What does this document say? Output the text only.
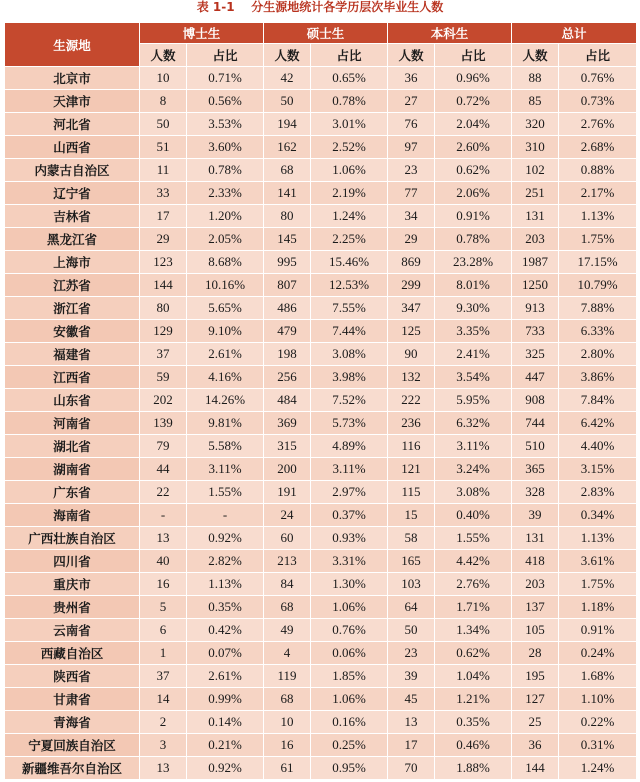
表 1-1    分生源地统计各学历层次毕业生人数
生源地	博士生		硕士生		本科生		总计	
	人数	占比	人数	占比	人数	占比	人数	占比
北京市	10	0.71%	42	0.65%	36	0.96%	88	0.76%
天津市	8	0.56%	50	0.78%	27	0.72%	85	0.73%
河北省	50	3.53%	194	3.01%	76	2.04%	320	2.76%
山西省	51	3.60%	162	2.52%	97	2.60%	310	2.68%
内蒙古自治区	11	0.78%	68	1.06%	23	0.62%	102	0.88%
辽宁省	33	2.33%	141	2.19%	77	2.06%	251	2.17%
吉林省	17	1.20%	80	1.24%	34	0.91%	131	1.13%
黑龙江省	29	2.05%	145	2.25%	29	0.78%	203	1.75%
上海市	123	8.68%	995	15.46%	869	23.28%	1987	17.15%
江苏省	144	10.16%	807	12.53%	299	8.01%	1250	10.79%
浙江省	80	5.65%	486	7.55%	347	9.30%	913	7.88%
安徽省	129	9.10%	479	7.44%	125	3.35%	733	6.33%
福建省	37	2.61%	198	3.08%	90	2.41%	325	2.80%
江西省	59	4.16%	256	3.98%	132	3.54%	447	3.86%
山东省	202	14.26%	484	7.52%	222	5.95%	908	7.84%
河南省	139	9.81%	369	5.73%	236	6.32%	744	6.42%
湖北省	79	5.58%	315	4.89%	116	3.11%	510	4.40%
湖南省	44	3.11%	200	3.11%	121	3.24%	365	3.15%
广东省	22	1.55%	191	2.97%	115	3.08%	328	2.83%
海南省	-	-	24	0.37%	15	0.40%	39	0.34%
广西壮族自治区	13	0.92%	60	0.93%	58	1.55%	131	1.13%
四川省	40	2.82%	213	3.31%	165	4.42%	418	3.61%
重庆市	16	1.13%	84	1.30%	103	2.76%	203	1.75%
贵州省	5	0.35%	68	1.06%	64	1.71%	137	1.18%
云南省	6	0.42%	49	0.76%	50	1.34%	105	0.91%
西藏自治区	1	0.07%	4	0.06%	23	0.62%	28	0.24%
陕西省	37	2.61%	119	1.85%	39	1.04%	195	1.68%
甘肃省	14	0.99%	68	1.06%	45	1.21%	127	1.10%
青海省	2	0.14%	10	0.16%	13	0.35%	25	0.22%
宁夏回族自治区	3	0.21%	16	0.25%	17	0.46%	36	0.31%
新疆维吾尔自治区	13	0.92%	61	0.95%	70	1.88%	144	1.24%
